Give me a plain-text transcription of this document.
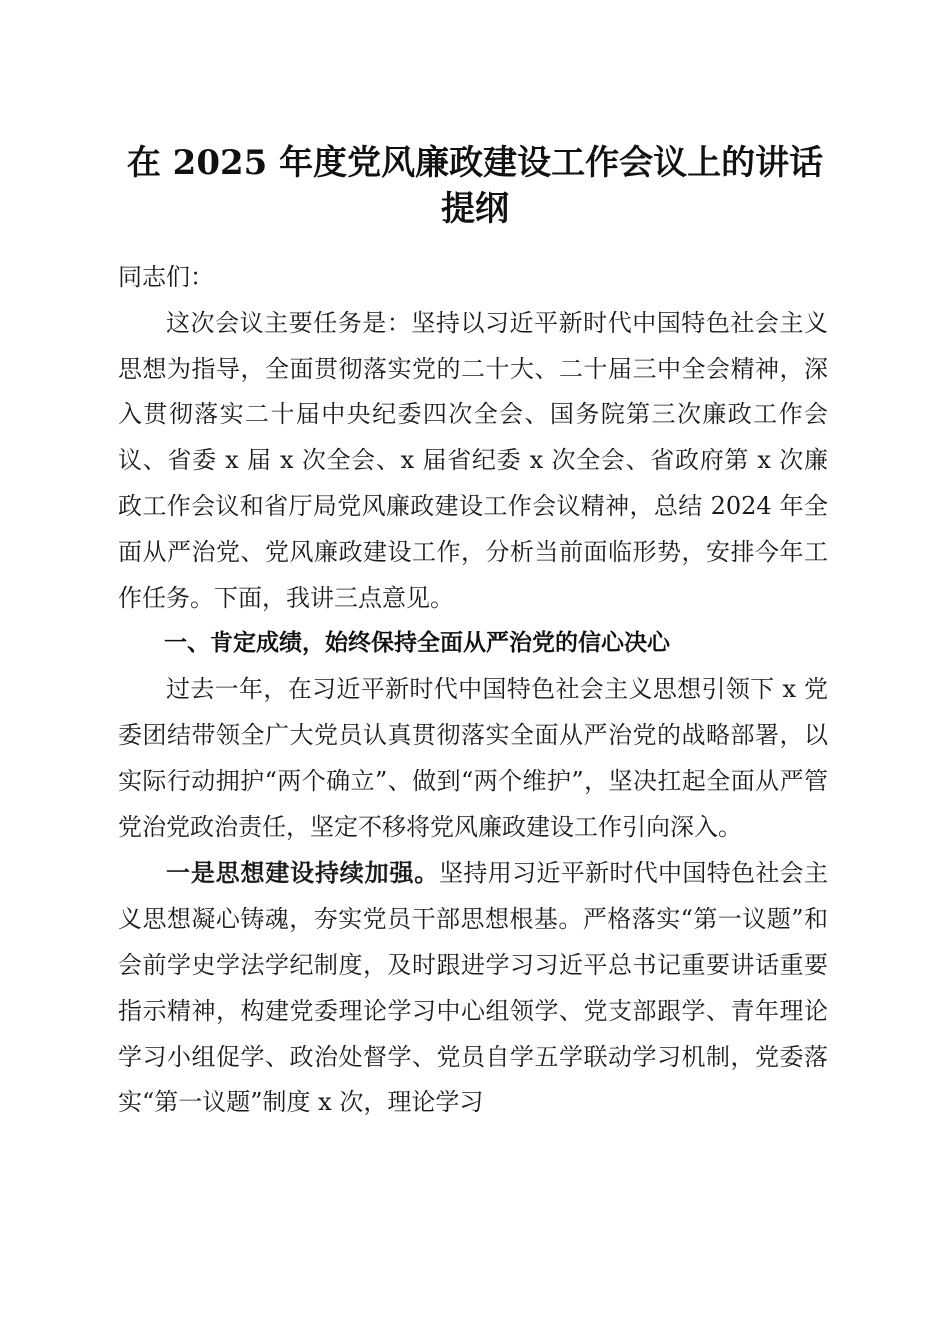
在 2025 年度党风廉政建设工作会议上的讲话
提纲

同志们：

这次会议主要任务是：坚持以习近平新时代中国特色社会主义思想为指导，全面贯彻落实党的二十大、二十届三中全会精神，深入贯彻落实二十届中央纪委四次全会、国务院第三次廉政工作会议、省委 x 届 x 次全会、x 届省纪委 x 次全会、省政府第 x 次廉政工作会议和省厅局党风廉政建设工作会议精神，总结 2024 年全面从严治党、党风廉政建设工作，分析当前面临形势，安排今年工作任务。下面，我讲三点意见。

一、肯定成绩，始终保持全面从严治党的信心决心

过去一年，在习近平新时代中国特色社会主义思想引领下 x 党委团结带领全广大党员认真贯彻落实全面从严治党的战略部署，以实际行动拥护“两个确立”、做到“两个维护”，坚决扛起全面从严管党治党政治责任，坚定不移将党风廉政建设工作引向深入。

一是思想建设持续加强。坚持用习近平新时代中国特色社会主义思想凝心铸魂，夯实党员干部思想根基。严格落实“第一议题”和会前学史学法学纪制度，及时跟进学习习近平总书记重要讲话重要指示精神，构建党委理论学习中心组领学、党支部跟学、青年理论学习小组促学、政治处督学、党员自学五学联动学习机制，党委落实“第一议题”制度 x 次，理论学习
